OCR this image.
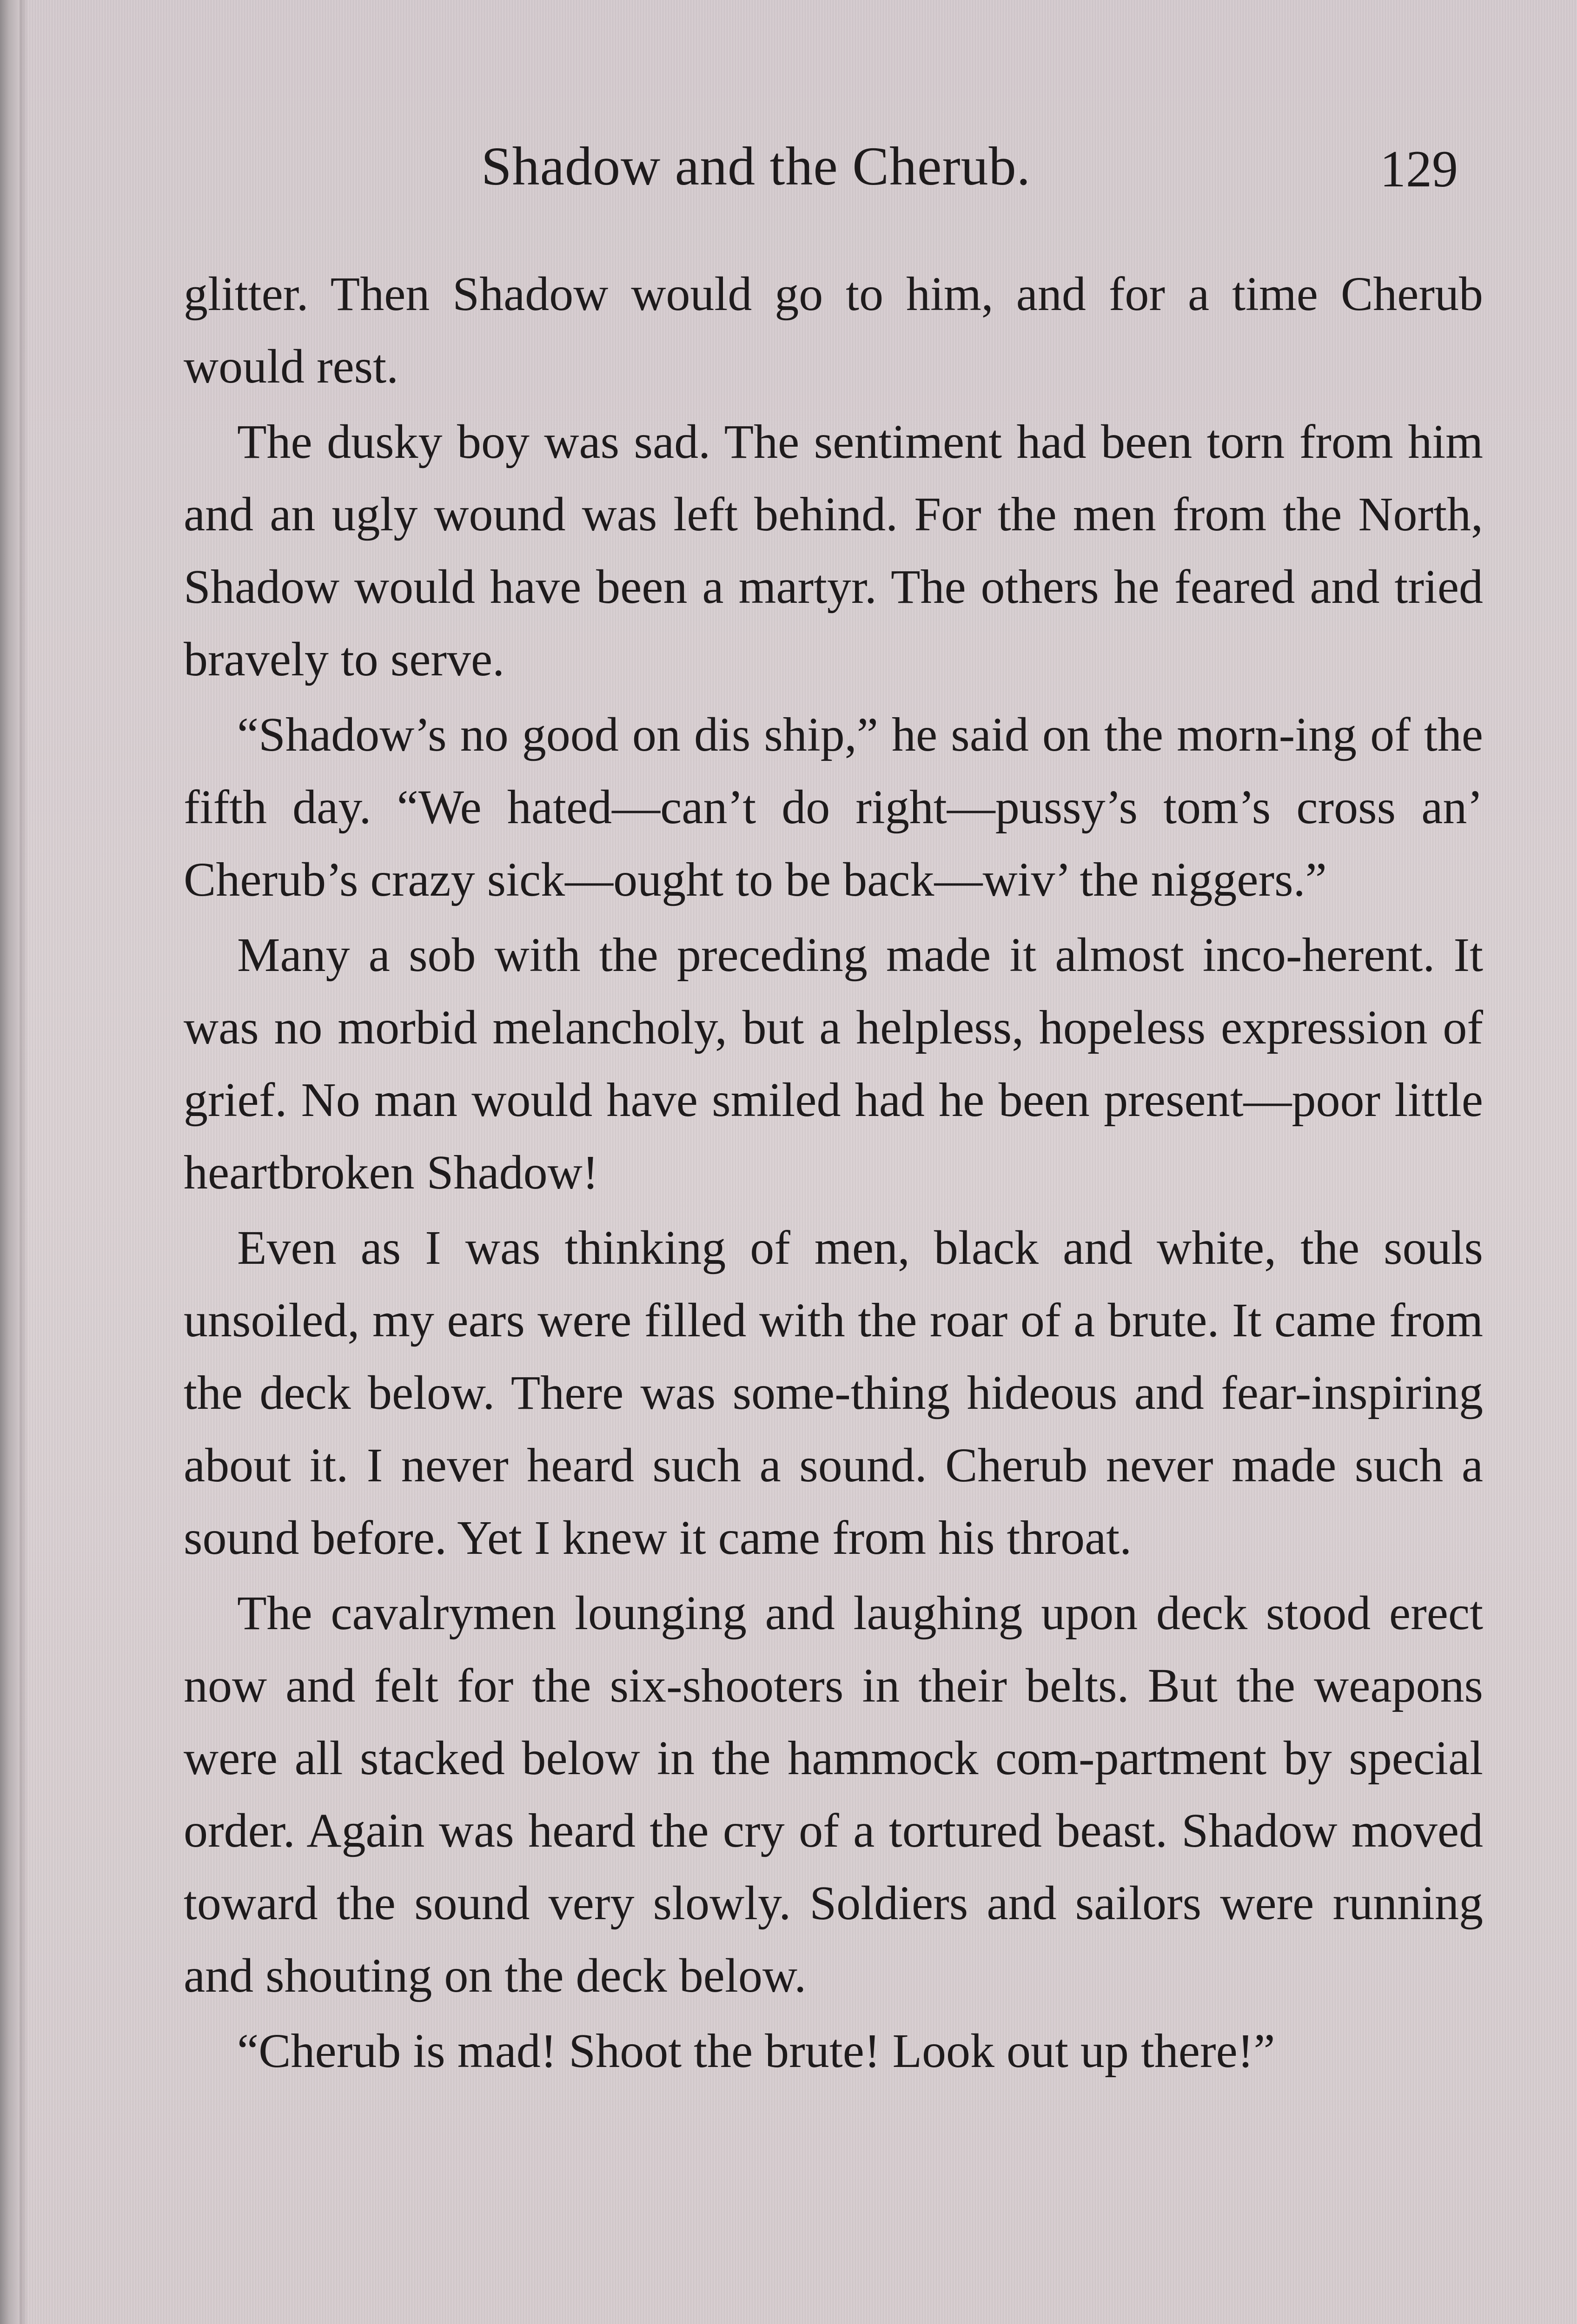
Shadow and the Cherub.	129

glitter. Then Shadow would go to him, and for a time Cherub would rest.

The dusky boy was sad. The sentiment had been torn from him and an ugly wound was left behind. For the men from the North, Shadow would have been a martyr. The others he feared and tried bravely to serve.

“Shadow’s no good on dis ship,” he said on the morn-ing of the fifth day. “We hated—can’t do right—pussy’s tom’s cross an’ Cherub’s crazy sick—ought to be back—wiv’ the niggers.”

Many a sob with the preceding made it almost inco-herent. It was no morbid melancholy, but a helpless, hopeless expression of grief. No man would have smiled had he been present—poor little heartbroken Shadow!

Even as I was thinking of men, black and white, the souls unsoiled, my ears were filled with the roar of a brute. It came from the deck below. There was some-thing hideous and fear-inspiring about it. I never heard such a sound. Cherub never made such a sound before. Yet I knew it came from his throat.

The cavalrymen lounging and laughing upon deck stood erect now and felt for the six-shooters in their belts. But the weapons were all stacked below in the hammock com-partment by special order. Again was heard the cry of a tortured beast. Shadow moved toward the sound very slowly. Soldiers and sailors were running and shouting on the deck below.

“Cherub is mad! Shoot the brute! Look out up there!”
